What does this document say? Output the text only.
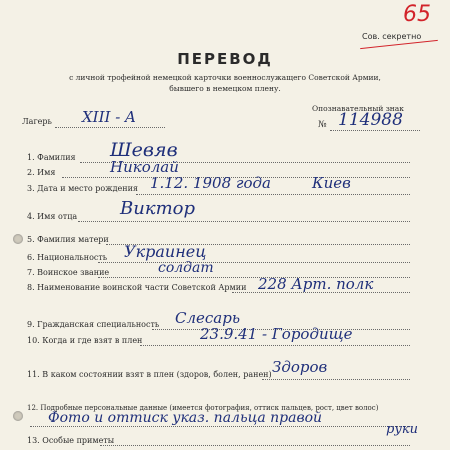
65
Сов. секретно
ПЕРЕВОД
с личной трофейной немецкой карточки военнослужащего Советской Армии,
бывшего в немецком плену.
Лагерь XIII - A	Опознавательный знак
№ 114988
1. Фамилия Шевяв
2. Имя	Николай
3. Дата и место рождения 1.12. 1908 года	Киев
4. Имя отца Виктор
5. Фамилия матери
6. Национальность Украинец
7. Воинское звание	солдат
8. Наименование воинской части Советской Армии 228 Арт. полк
9. Гражданская специальность Слесарь
10. Когда и где взят в плен	23.9.41 - Городище
11. В каком состоянии взят в плен (здоров, болен, ранен) Здоров
12. Подробные персональные данные (имеется фотография, оттиск пальцев, рост, цвет волос)
Фото и оттиск указ. пальца правой
руки
13. Особые приметы
